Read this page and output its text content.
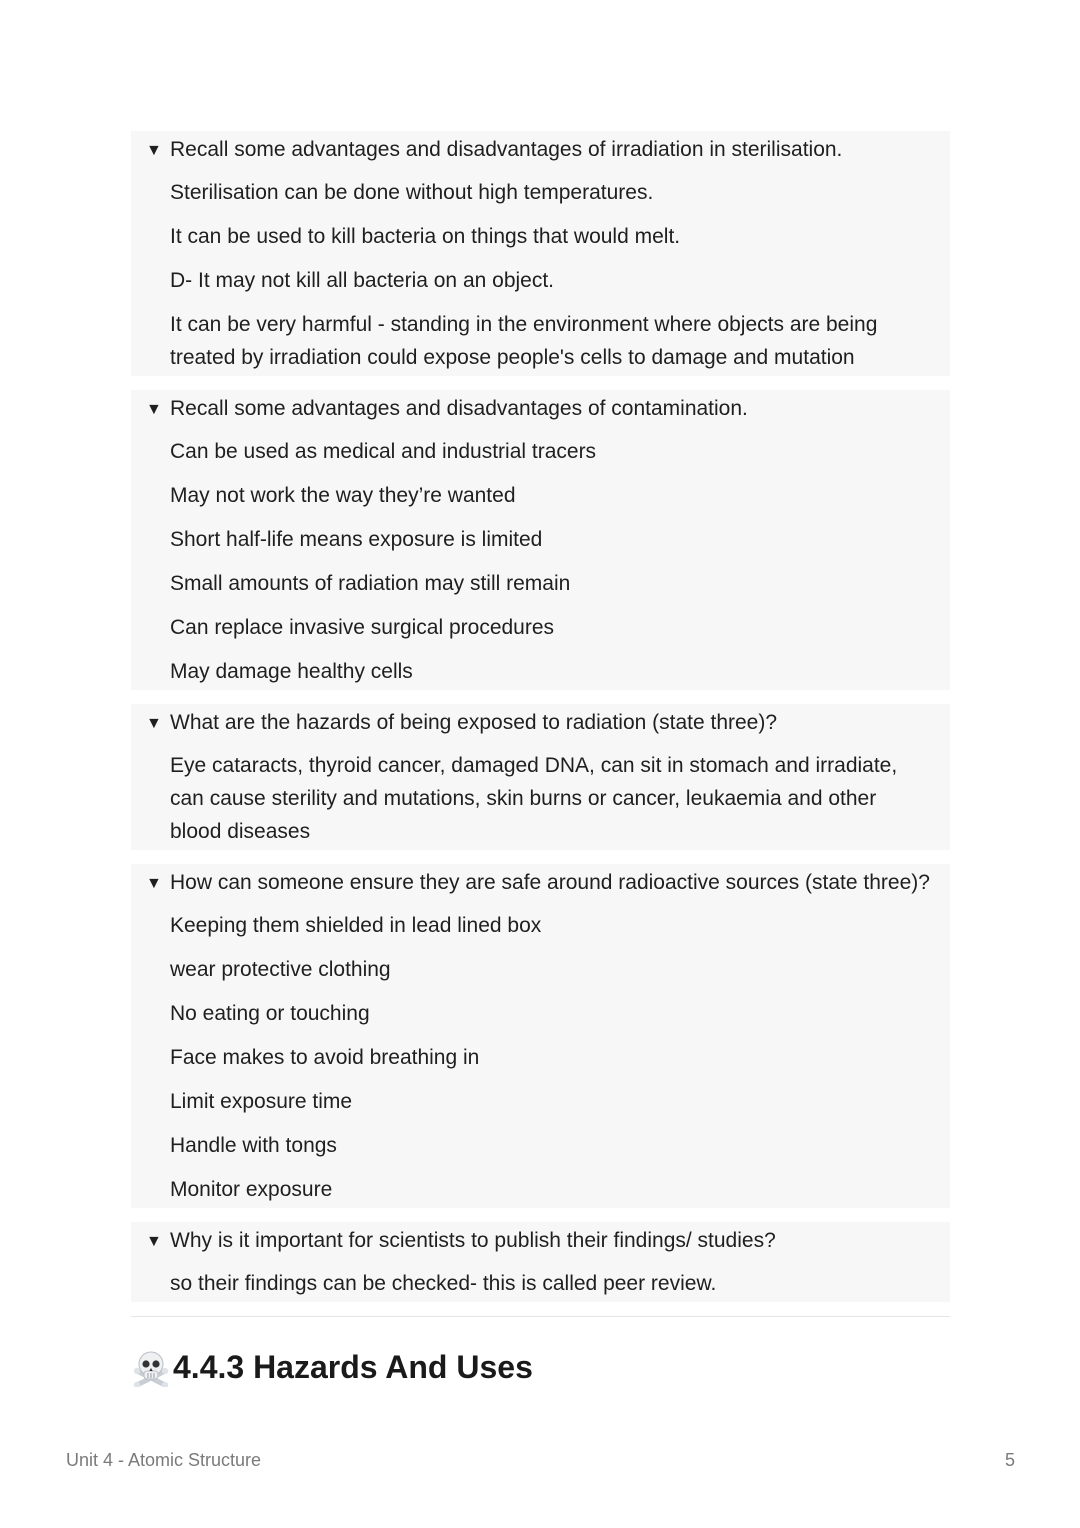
▼ Recall some advantages and disadvantages of irradiation in sterilisation.

Sterilisation can be done without high temperatures.

It can be used to kill bacteria on things that would melt.

D- It may not kill all bacteria on an object.

It can be very harmful - standing in the environment where objects are being treated by irradiation could expose people's cells to damage and mutation

▼ Recall some advantages and disadvantages of contamination.

Can be used as medical and industrial tracers

May not work the way they’re wanted

Short half-life means exposure is limited

Small amounts of radiation may still remain

Can replace invasive surgical procedures

May damage healthy cells

▼ What are the hazards of being exposed to radiation (state three)?

Eye cataracts, thyroid cancer, damaged DNA, can sit in stomach and irradiate, can cause sterility and mutations, skin burns or cancer, leukaemia and other blood diseases

▼ How can someone ensure they are safe around radioactive sources (state three)?

Keeping them shielded in lead lined box

wear protective clothing

No eating or touching

Face makes to avoid breathing in

Limit exposure time

Handle with tongs

Monitor exposure

▼ Why is it important for scientists to publish their findings/ studies?

so their findings can be checked- this is called peer review.

4.4.3 Hazards And Uses
Unit 4 - Atomic Structure	5
